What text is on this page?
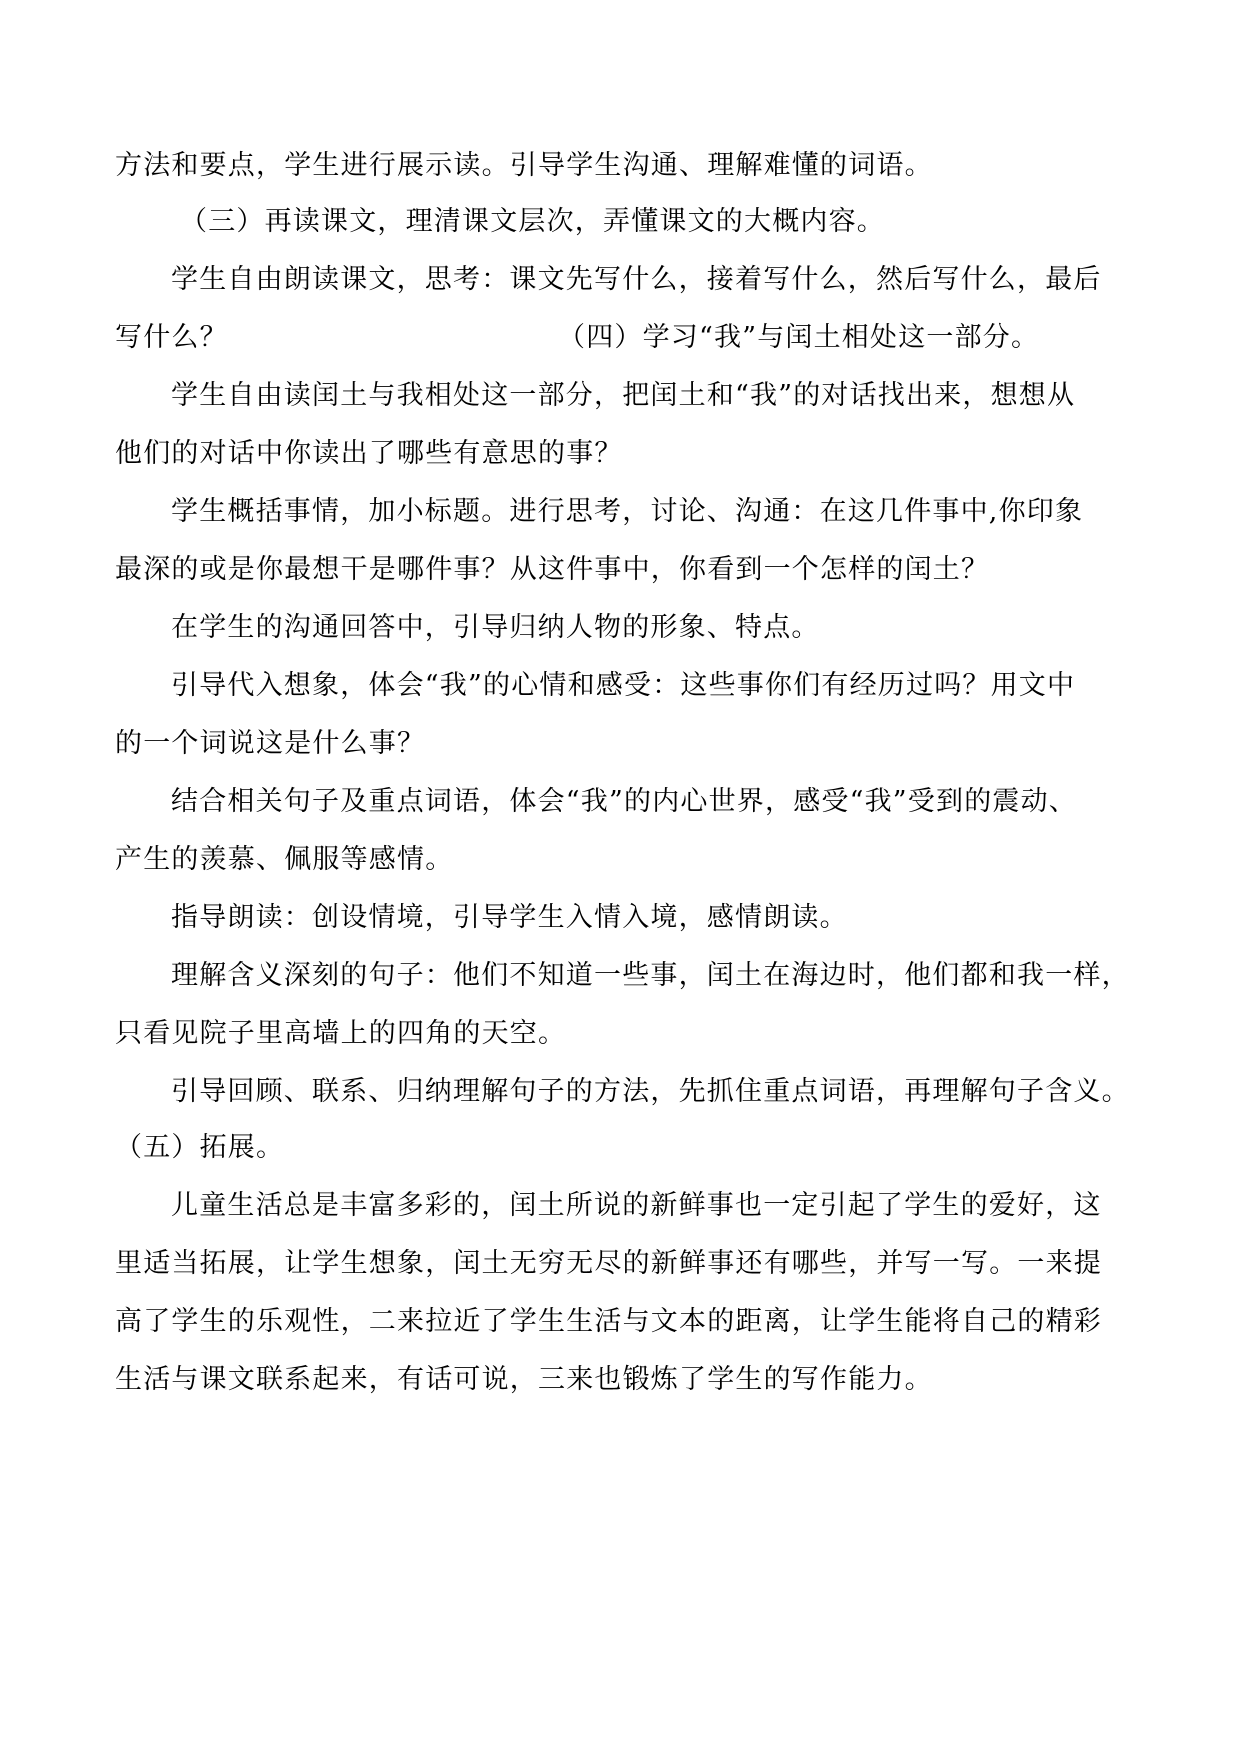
方法和要点，学生进行展示读。引导学生沟通、理解难懂的词语。
（三）再读课文，理清课文层次，弄懂课文的大概内容。
学生自由朗读课文，思考：课文先写什么，接着写什么，然后写什么，最后
写什么？	（四）学习“我”与闰土相处这一部分。
学生自由读闰土与我相处这一部分，把闰土和“我”的对话找出来，想想从
他们的对话中你读出了哪些有意思的事？
学生概括事情，加小标题。进行思考，讨论、沟通：在这几件事中,你印象
最深的或是你最想干是哪件事？从这件事中，你看到一个怎样的闰土？
在学生的沟通回答中，引导归纳人物的形象、特点。
引导代入想象，体会“我”的心情和感受：这些事你们有经历过吗？用文中
的一个词说这是什么事？
结合相关句子及重点词语，体会“我”的内心世界，感受“我”受到的震动、
产生的羡慕、佩服等感情。
指导朗读：创设情境，引导学生入情入境，感情朗读。
理解含义深刻的句子：他们不知道一些事，闰土在海边时，他们都和我一样，
只看见院子里高墙上的四角的天空。
引导回顾、联系、归纳理解句子的方法，先抓住重点词语，再理解句子含义。
（五）拓展。
儿童生活总是丰富多彩的，闰土所说的新鲜事也一定引起了学生的爱好，这
里适当拓展，让学生想象，闰土无穷无尽的新鲜事还有哪些，并写一写。一来提
高了学生的乐观性，二来拉近了学生生活与文本的距离，让学生能将自己的精彩
生活与课文联系起来，有话可说，三来也锻炼了学生的写作能力。
